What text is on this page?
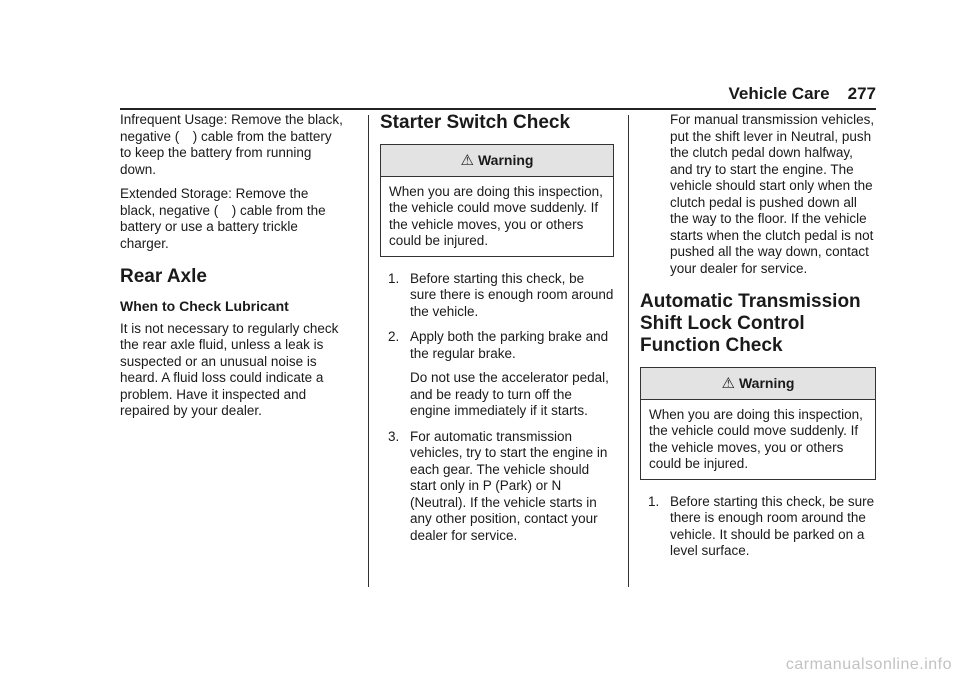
Vehicle Care 277

Infrequent Usage: Remove the black, negative ( ) cable from the battery to keep the battery from running down.

Extended Storage: Remove the black, negative ( ) cable from the battery or use a battery trickle charger.

Rear Axle
When to Check Lubricant

It is not necessary to regularly check the rear axle fluid, unless a leak is suspected or an unusual noise is heard. A fluid loss could indicate a problem. Have it inspected and repaired by your dealer.

Starter Switch Check
⚠ Warning
When you are doing this inspection, the vehicle could move suddenly. If the vehicle moves, you or others could be injured.
1. Before starting this check, be sure there is enough room around the vehicle.
2. Apply both the parking brake and the regular brake.
Do not use the accelerator pedal, and be ready to turn off the engine immediately if it starts.
3. For automatic transmission vehicles, try to start the engine in each gear. The vehicle should start only in P (Park) or N (Neutral). If the vehicle starts in any other position, contact your dealer for service.
For manual transmission vehicles, put the shift lever in Neutral, push the clutch pedal down halfway, and try to start the engine. The vehicle should start only when the clutch pedal is pushed down all the way to the floor. If the vehicle starts when the clutch pedal is not pushed all the way down, contact your dealer for service.
Automatic Transmission Shift Lock Control Function Check
⚠ Warning
When you are doing this inspection, the vehicle could move suddenly. If the vehicle moves, you or others could be injured.
1. Before starting this check, be sure there is enough room around the vehicle. It should be parked on a level surface.
carmanualsonline.info
